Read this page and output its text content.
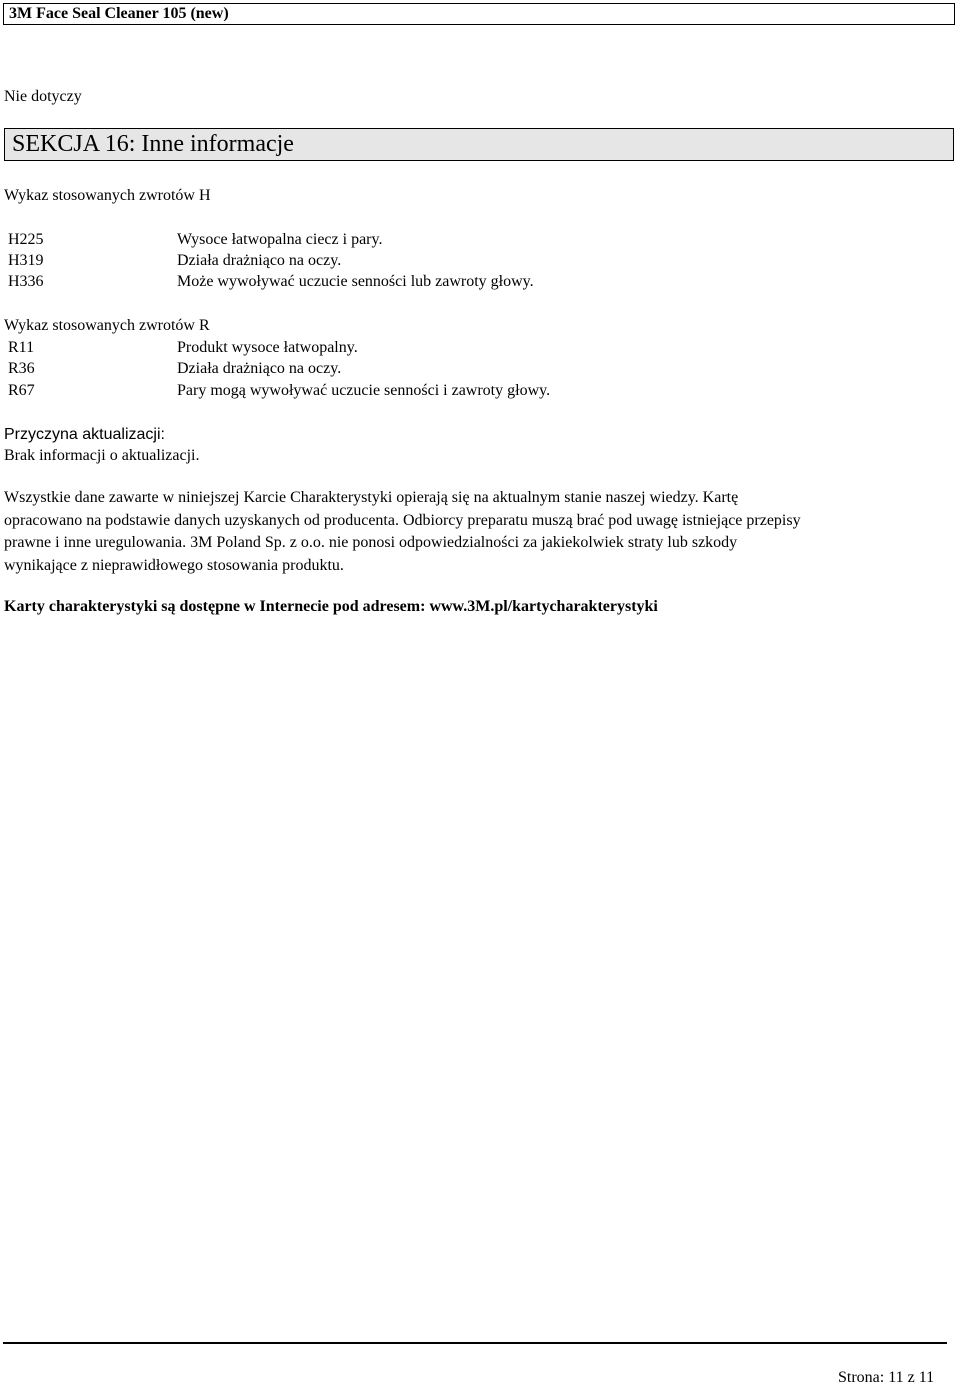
3M Face Seal Cleaner 105 (new)
Nie dotyczy
SEKCJA 16: Inne informacje
Wykaz stosowanych zwrotów H
H225	Wysoce łatwopalna ciecz i pary.
H319	Działa drażniąco na oczy.
H336	Może wywoływać uczucie senności lub zawroty głowy.
Wykaz stosowanych zwrotów R
R11	Produkt wysoce łatwopalny.
R36	Działa drażniąco na oczy.
R67	Pary mogą wywoływać uczucie senności i zawroty głowy.
Przyczyna aktualizacji:
Brak informacji o aktualizacji.
Wszystkie dane zawarte w niniejszej Karcie Charakterystyki opierają się na aktualnym stanie naszej wiedzy. Kartę
opracowano na podstawie danych uzyskanych od producenta. Odbiorcy preparatu muszą brać pod uwagę istniejące przepisy
prawne i inne uregulowania. 3M Poland Sp. z o.o. nie ponosi odpowiedzialności za jakiekolwiek straty lub szkody
wynikające z nieprawidłowego stosowania produktu.
Karty charakterystyki są dostępne w Internecie pod adresem: www.3M.pl/kartycharakterystyki
Strona: 11 z 11
